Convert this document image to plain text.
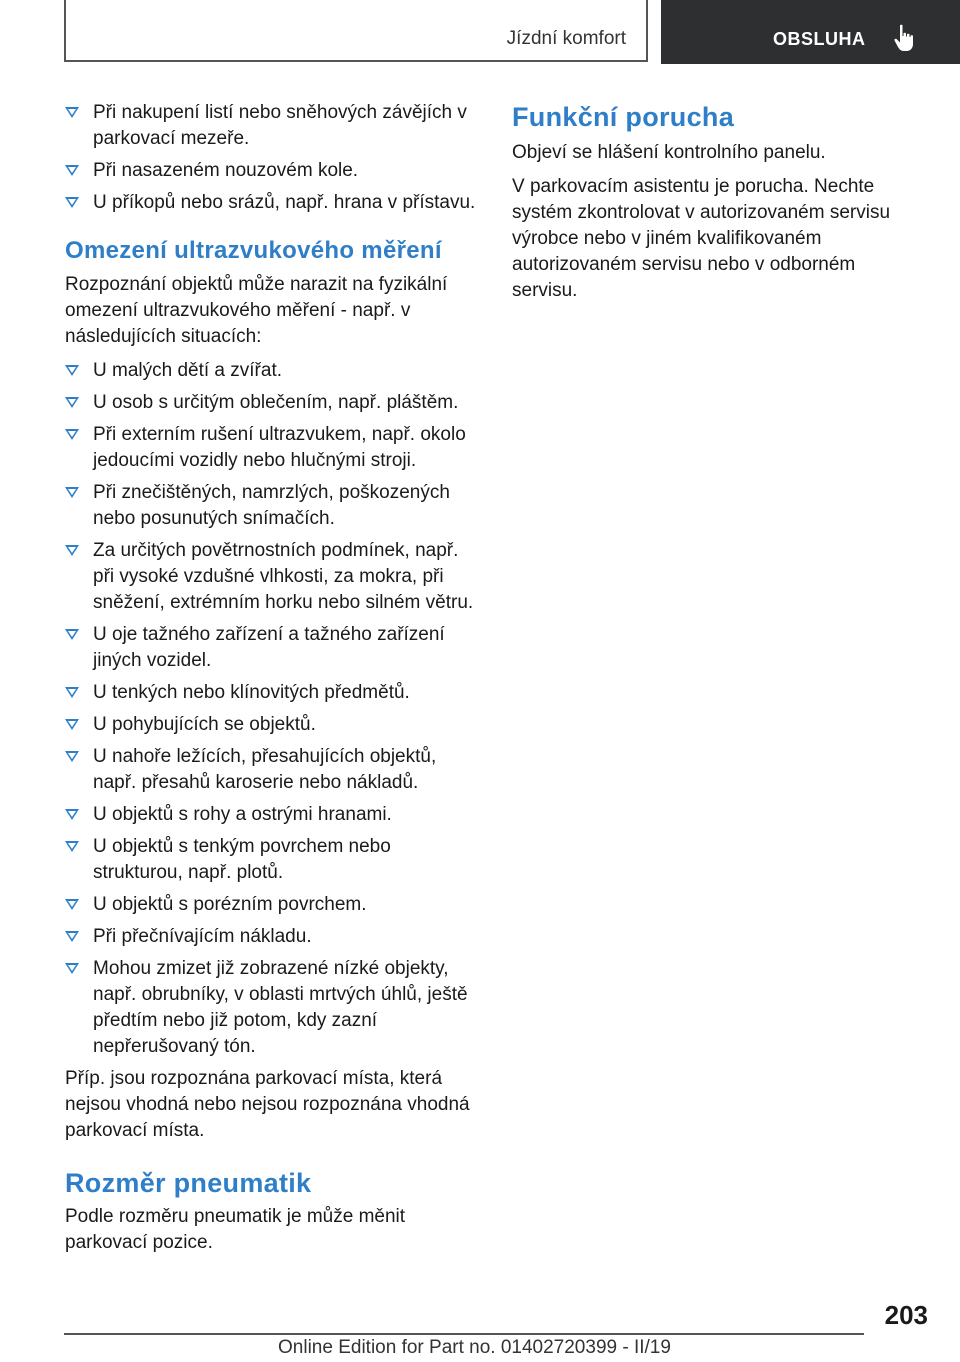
Jízdní komfort	OBSLUHA
Při nakupení listí nebo sněhových závějích v parkovací mezeře.
Při nasazeném nouzovém kole.
U příkopů nebo srázů, např. hrana v přístavu.
Omezení ultrazvukového měření

Rozpoznání objektů může narazit na fyzikální omezení ultrazvukového měření - např. v následujících situacích:

U malých dětí a zvířat.
U osob s určitým oblečením, např. pláštěm.
Při externím rušení ultrazvukem, např. okolo jedoucími vozidly nebo hlučnými stroji.
Při znečištěných, namrzlých, poškozených nebo posunutých snímačích.
Za určitých povětrnostních podmínek, např. při vysoké vzdušné vlhkosti, za mokra, při sněžení, extrémním horku nebo silném větru.
U oje tažného zařízení a tažného zařízení jiných vozidel.
U tenkých nebo klínovitých předmětů.
U pohybujících se objektů.
U nahoře ležících, přesahujících objektů, např. přesahů karoserie nebo nákladů.
U objektů s rohy a ostrými hranami.
U objektů s tenkým povrchem nebo strukturou, např. plotů.
U objektů s porézním povrchem.
Při přečnívajícím nákladu.
Mohou zmizet již zobrazené nízké objekty, např. obrubníky, v oblasti mrtvých úhlů, ještě předtím nebo již potom, kdy zazní nepřerušovaný tón.

Příp. jsou rozpoznána parkovací místa, která nejsou vhodná nebo nejsou rozpoznána vhodná parkovací místa.

Rozměr pneumatik

Podle rozměru pneumatik je může měnit parkovací pozice.

Funkční porucha

Objeví se hlášení kontrolního panelu.

V parkovacím asistentu je porucha. Nechte systém zkontrolovat v autorizovaném servisu výrobce nebo v jiném kvalifikovaném autorizovaném servisu nebo v odborném servisu.

203
Online Edition for Part no. 01402720399 - II/19
